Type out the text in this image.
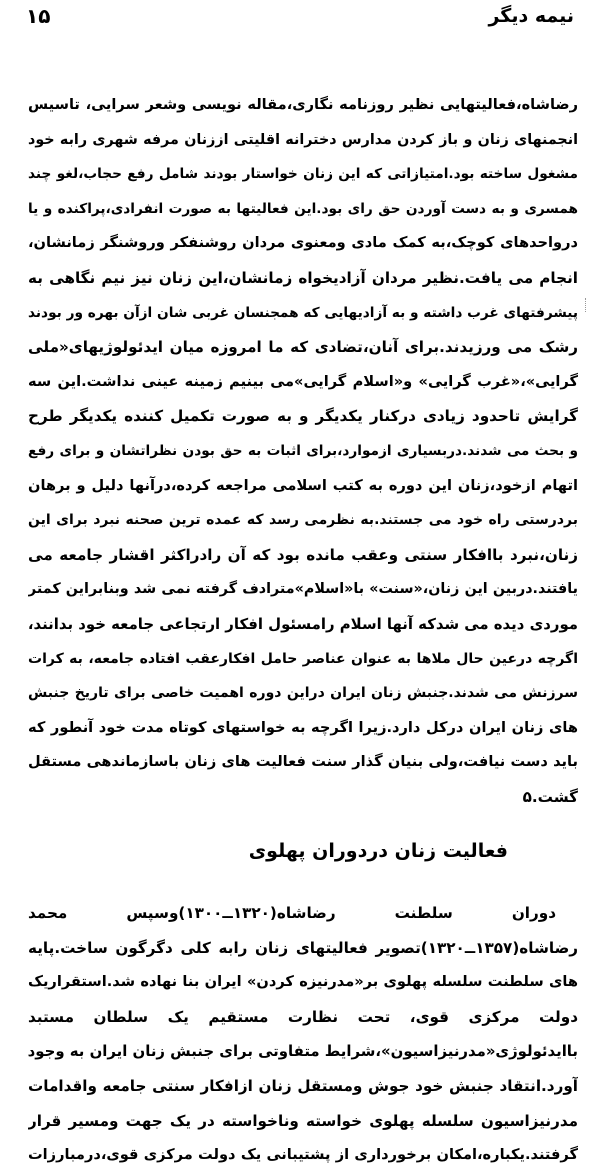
نیمه دیگر
۱۵
رضاشاه،فعالیتهایی نظیر روزنامه نگاری،مقاله نویسی وشعر سرایی، تاسیس
انجمنهای زنان و باز کردن مدارس دخترانه اقلیتی اززنان مرفه شهری رابه خود
مشغول ساخته بود.امتیازاتی که این زنان خواستار بودند شامل رفع حجاب،لغو چند
همسری و به دست آوردن حق رای بود.این فعالیتها به صورت انفرادی،پراکنده و یا
درواحدهای کوچک،به کمک مادی ومعنوی مردان روشنفکر وروشنگر زمانشان،
انجام می یافت.نظیر مردان آزادیخواه زمانشان،این زنان نیز نیم نگاهی به
پیشرفتهای غرب داشته و به آزادیهایی که همجنسان غربی شان ازآن بهره ور بودند
رشک می ورزیدند.برای آنان،تضادی که ما امروزه میان ایدئولوژیهای«ملی
گرایی»،«غرب گرایی» و«اسلام گرایی»می بینیم زمینه عینی نداشت.این سه
گرایش تاحدود زیادی درکنار یکدیگر و به صورت تکمیل کننده یکدیگر طرح
و بحث می شدند.دربسیاری ازموارد،برای اثبات به حق بودن نظراتشان و برای رفع
اتهام ازخود،زنان این دوره به کتب اسلامی مراجعه کرده،درآنها دلیل و برهان
بردرستی راه خود می جستند.به نظرمی رسد که عمده ترین صحنه نبرد برای این
زنان،نبرد باافکار سنتی وعقب مانده بود که آن رادراکثر اقشار جامعه می
یافتند.دربین این زنان،«سنت» با«اسلام»مترادف گرفته نمی شد وبنابراین کمتر
موردی دیده می شدکه آنها اسلام رامسئول افکار ارتجاعی جامعه خود بدانند،
اگرچه درعین حال ملاها به عنوان عناصر حامل افکارعقب افتاده جامعه، به کرات
سرزنش می شدند.جنبش زنان ایران دراین دوره اهمیت خاصی برای تاریخ جنبش
های زنان ایران درکل دارد.زیرا اگرچه به خواستهای کوتاه مدت خود آنطور که
باید دست نیافت،ولی بنیان گذار سنت فعالیت های زنان باسازماندهی مستقل
گشت.۵
فعالیت زنان دردوران پهلوی
دوران سلطنت رضاشاه(۱۳۲۰ــ۱۳۰۰)وسپس محمد
رضاشاه(۱۳۵۷ــ۱۳۲۰)تصویر فعالیتهای زنان رابه کلی دگرگون ساخت.پایه
های سلطنت سلسله پهلوی بر«مدرنیزه کردن» ایران بنا نهاده شد.استقراریک
دولت مرکزی قوی، تحت نظارت مستقیم یک سلطان مستبد
باایدئولوژی«مدرنیزاسیون»،شرایط متفاوتی برای جنبش زنان ایران به وجود
آورد.انتقاد جنبش خود جوش ومستقل زنان ازافکار سنتی جامعه واقدامات
مدرنیزاسیون سلسله پهلوی خواسته وناخواسته در یک جهت ومسیر قرار
گرفتند.یکباره،امکان برخورداری از پشتیبانی یک دولت مرکزی قوی،درمبارزات
